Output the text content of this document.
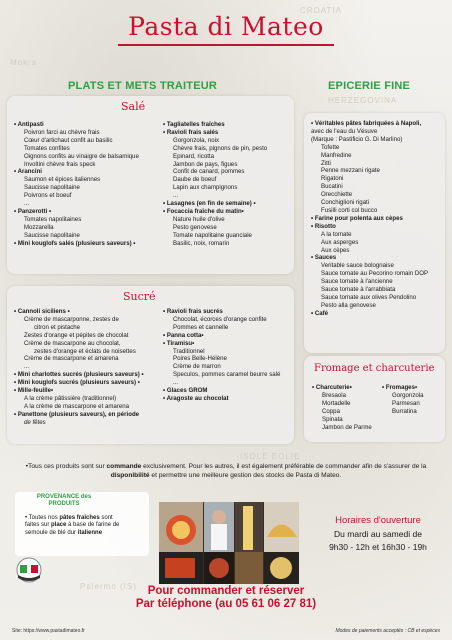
CROATIA
HERZEGOVINA
Mokra
Palermo (IS)
ISOLE EOLIE
Pasta di Mateo
PLATS ET METS TRAITEUR	EPICERIE FINE
Salé
• Antipasti
Poivron farci au chèvre frais
Cœur d'artichaut confit au basilic
Tomates confites
Oignons confits au vinaigre de balsamique
Involtini chèvre frais speck
• Arancini
Saumon et épices italiennes
Saucisse napolitaine
Poivrons et boeuf
...
• Panzerotti •
Tomates napolitaines
Mozzarella
Saucisse napolitaine
• Mini kouglofs salés (plusieurs saveurs) •
• Tagliatelles fraîches
• Ravioli frais salés
Gorgonzola, noix
Chèvre frais, pignons de pin, pesto
Epinard, ricotta
Jambon de pays, figues
Confit de canard, pommes
Daube de boeuf
Lapin aux champignons
...
• Lasagnes (en fin de semaine) •
• Focaccia fraîche du matin•
Nature huile d'olive
Pesto genovese
Tomate napolitaine guanciale
Basilic, noix, romarin
Sucré
• Cannoli siciliens •
Crème de mascarponne, zestes de
citron et pistache
Zestes d'orange et pépites de chocolat
Crème de mascarpone au chocolat,
zestes d'orange et éclats de noisettes
Crème de mascarpone et amarena
...
• Mini charlottes sucrés (plusieurs saveurs) •
• Mini kouglofs sucrés (plusieurs saveurs) •
• Mille-feuille•
A la crème pâtissière (traditionnel)
A la crème de mascarpone et amarena
• Panettone (plusieurs saveurs), en période
de fêtes
• Ravioli frais sucrés
Chocolat, écorces d'orange confite
Pommes et cannelle
• Panna cotta•
• Tiramisu•
Traditionnel
Poires Belle-Hélène
Crème de marron
Speculos, pommes caramel beurre salé
...
• Glaces GROM
• Aragoste au chocolat
• Véritables pâtes fabriquées à Napoli,
avec de l'eau du Vésuve
(Marque : Pastificio G. Di Marlino)
Tofette
Manfredine
Zitti
Penne mezzani rigate
Rigatoni
Bucatini
Orecchiette
Conchiglioni rigati
Fusilli corti col bucco
• Farine pour polenta aux cèpes
• Risotto
A la tomate
Aux asperges
Aux cèpes
• Sauces
Veritable sauce bolognaise
Sauce tomate au Pecorino romain DOP
Sauce tomate à l'ancienne
Sauce tomate à l'arrabbiata
Sauce tomate aux olives Pendolino
Pesto alla genovese
• Café
Fromage et charcuterie
• Charcuterie•
Bresaola
Mortadelle
Coppa
Spinata
Jambon de Parme
• Fromages•
Gorgonzola
Parmesan
Burratina
•Tous ces produits sont sur commande exclusivement. Pour les autres, il est également préférable de commander afin de s'assurer de la disponibilité et permettre une meilleure gestion des stocks de Pasta di Mateo.
PROVENANCE des PRODUITS
• Toutes nos pâtes fraîches sont faites sur place à base de farine de semoule de blé dur italienne
Horaires d'ouverture
Du mardi au samedi de
9h30 - 12h et 16h30 - 19h
Pour commander et réserver
Par téléphone (au 05 61 06 27 81)
Site: https://www.pastadimateo.fr	Modes de paiements acceptés : CB et espèces
